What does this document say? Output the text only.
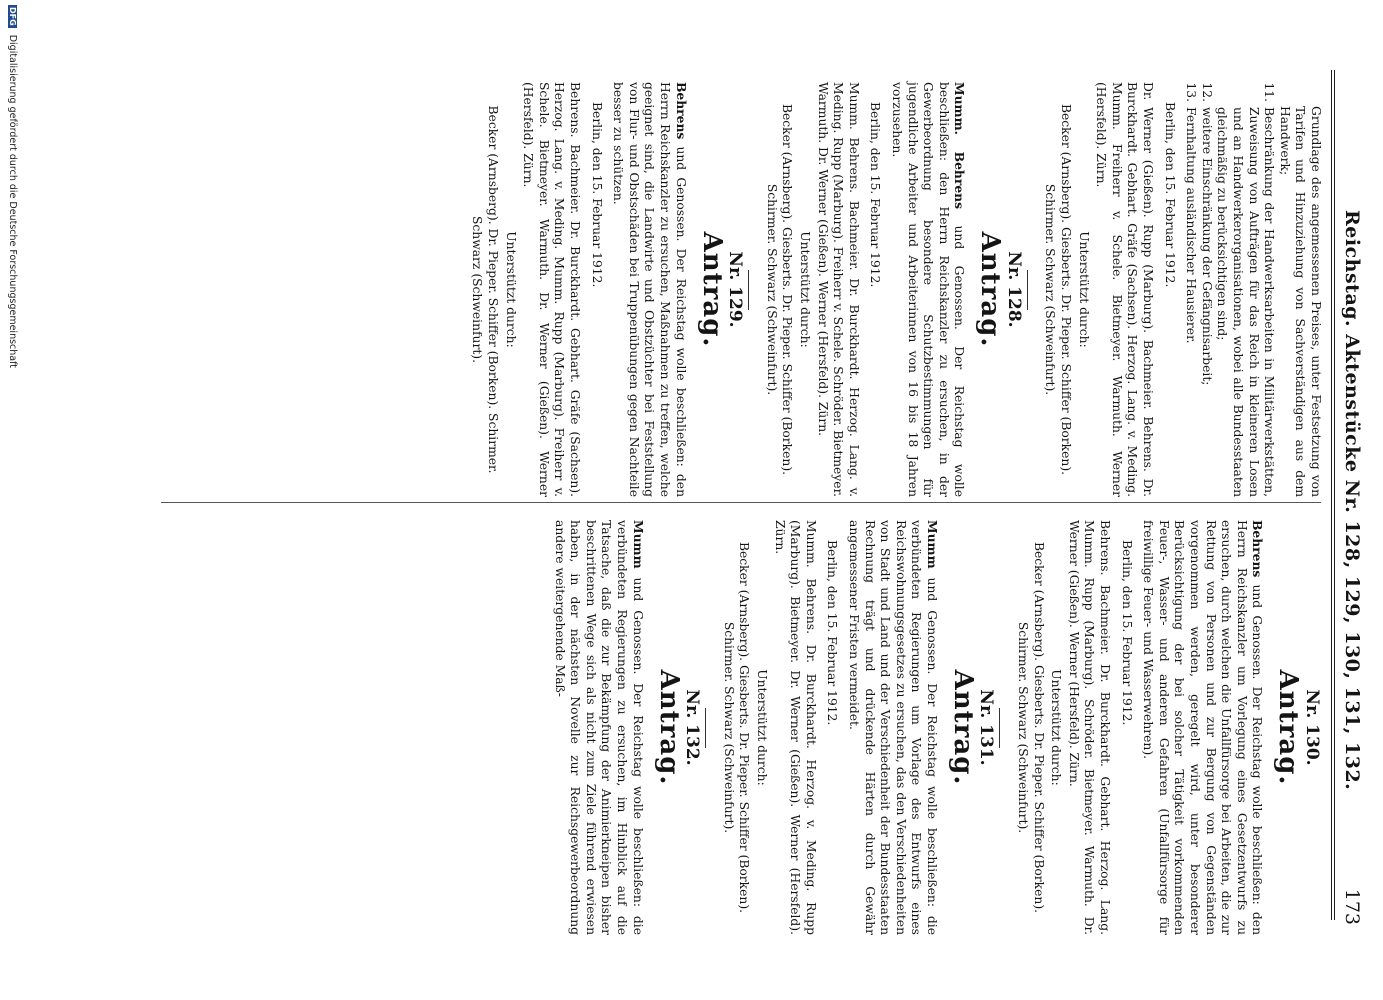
Reichstag. Aktenstücke Nr. 128, 129, 130, 131, 132.
173

Grundlage des angemessenen Preises, unter Festsetzung von Tarifen und Hinzuziehung von Sachverständigen aus dem Handwerk;

11.
Beschränkung der Handwerksarbeiten in Militärwerkstätten, Zuweisung von Aufträgen für das Reich in kleineren Losen und an Handwerkerorganisationen, wobei alle Bundesstaaten gleichmäßig zu berücksichtigen sind;
12.
weitere Einschränkung der Gefängnisarbeit;
13.
Fernhaltung ausländischer Hausierer.

Berlin, den 15. Februar 1912.

Dr. Werner (Gießen). Rupp (Marburg). Bachmeier. Behrens. Dr. Burckhardt. Gebhart. Gräfe (Sachsen). Herzog. Lang. v. Meding. Mumm. Freiherr v. Schele. Bietmeyer. Warmuth. Werner (Hersfeld). Zürn.

Unterstützt durch:

Becker (Arnsberg). Giesberts. Dr. Pieper. Schiffer (Borken). Schirmer. Schwarz (Schweinfurt).

Nr. 128.
Antrag.

Mumm. Behrens und Genossen. Der Reichstag wolle beschließen: den Herrn Reichskanzler zu ersuchen, in der Gewerbeordnung besondere Schutzbestimmungen für jugendliche Arbeiter und Arbeiterinnen von 16 bis 18 Jahren vorzusehen.

Berlin, den 15. Februar 1912.

Mumm. Behrens. Bachmeier. Dr. Burckhardt. Herzog. Lang. v. Meding. Rupp (Marburg). Freiherr v. Schele. Schröder. Bietmeyer. Warmuth. Dr. Werner (Gießen). Werner (Hersfeld). Zürn.

Unterstützt durch:

Becker (Arnsberg). Giesberts. Dr. Pieper. Schiffer (Borken). Schirmer. Schwarz (Schweinfurt).

Nr. 129.
Antrag.

Behrens und Genossen. Der Reichstag wolle beschließen: den Herrn Reichskanzler zu ersuchen, Maßnahmen zu treffen, welche geeignet sind, die Landwirte und Obstzüchter bei Feststellung von Flur- und Obstschäden bei Truppenübungen gegen Nachteile besser zu schützen.

Berlin, den 15. Februar 1912.

Behrens. Bachmeier. Dr. Burckhardt. Gebhart. Gräfe (Sachsen). Herzog. Lang. v. Meding. Mumm. Rupp (Marburg). Freiherr v. Schele. Bietmeyer. Warmuth. Dr. Werner (Gießen). Werner (Hersfeld). Zürn.

Unterstützt durch:

Becker (Arnsberg). Dr. Pieper. Schiffer (Borken). Schirmer. Schwarz (Schweinfurt).

Nr. 130.
Antrag.

Behrens und Genossen. Der Reichstag wolle beschließen: den Herrn Reichskanzler um Vorlegung eines Gesetzentwurfs zu ersuchen, durch welchen die Unfallfürsorge bei Arbeiten, die zur Rettung von Personen und zur Bergung von Gegenständen vorgenommen werden, geregelt wird, unter besonderer Berücksichtigung der bei solcher Tätigkeit vorkommenden Feuer-, Wasser- und anderen Gefahren (Unfallfürsorge für freiwillige Feuer- und Wasserwehren).

Berlin, den 15. Februar 1912.

Behrens. Bachmeier. Dr. Burckhardt. Gebhart. Herzog. Lang. Mumm. Rupp (Marburg). Schröder. Bietmeyer. Warmuth. Dr. Werner (Gießen). Werner (Hersfeld). Zürn.

Unterstützt durch:

Becker (Arnsberg). Giesberts. Dr. Pieper. Schiffer (Borken). Schirmer. Schwarz (Schweinfurt).

Nr. 131.
Antrag.

Mumm und Genossen. Der Reichstag wolle beschließen: die verbündeten Regierungen um Vorlage des Entwurfs eines Reichswohnungsgesetzes zu ersuchen, das den Verschiedenheiten von Stadt und Land und der Verschiedenheit der Bundesstaaten Rechnung trägt und drückende Härten durch Gewähr angemessener Fristen vermeidet.

Berlin, den 15. Februar 1912.

Mumm. Behrens. Dr. Burckhardt. Herzog. v. Meding. Rupp (Marburg). Bietmeyer. Dr. Werner (Gießen). Werner (Hersfeld). Zürn.

Unterstützt durch:

Becker (Arnsberg). Giesberts. Dr. Pieper. Schiffer (Borken). Schirmer. Schwarz (Schweinfurt).

Nr. 132.
Antrag.

Mumm und Genossen. Der Reichstag wolle beschließen: die verbündeten Regierungen zu ersuchen, im Hinblick auf die Tatsache, daß die zur Bekämpfung der Animierkneipen bisher beschrittenen Wege sich als nicht zum Ziele führend erwiesen haben, in der nächsten Novelle zur Reichsgewerbeordnung andere weitergehende Maß-

DFG Digitalisierung gefördert durch die Deutsche Forschungsgemeinschaft
